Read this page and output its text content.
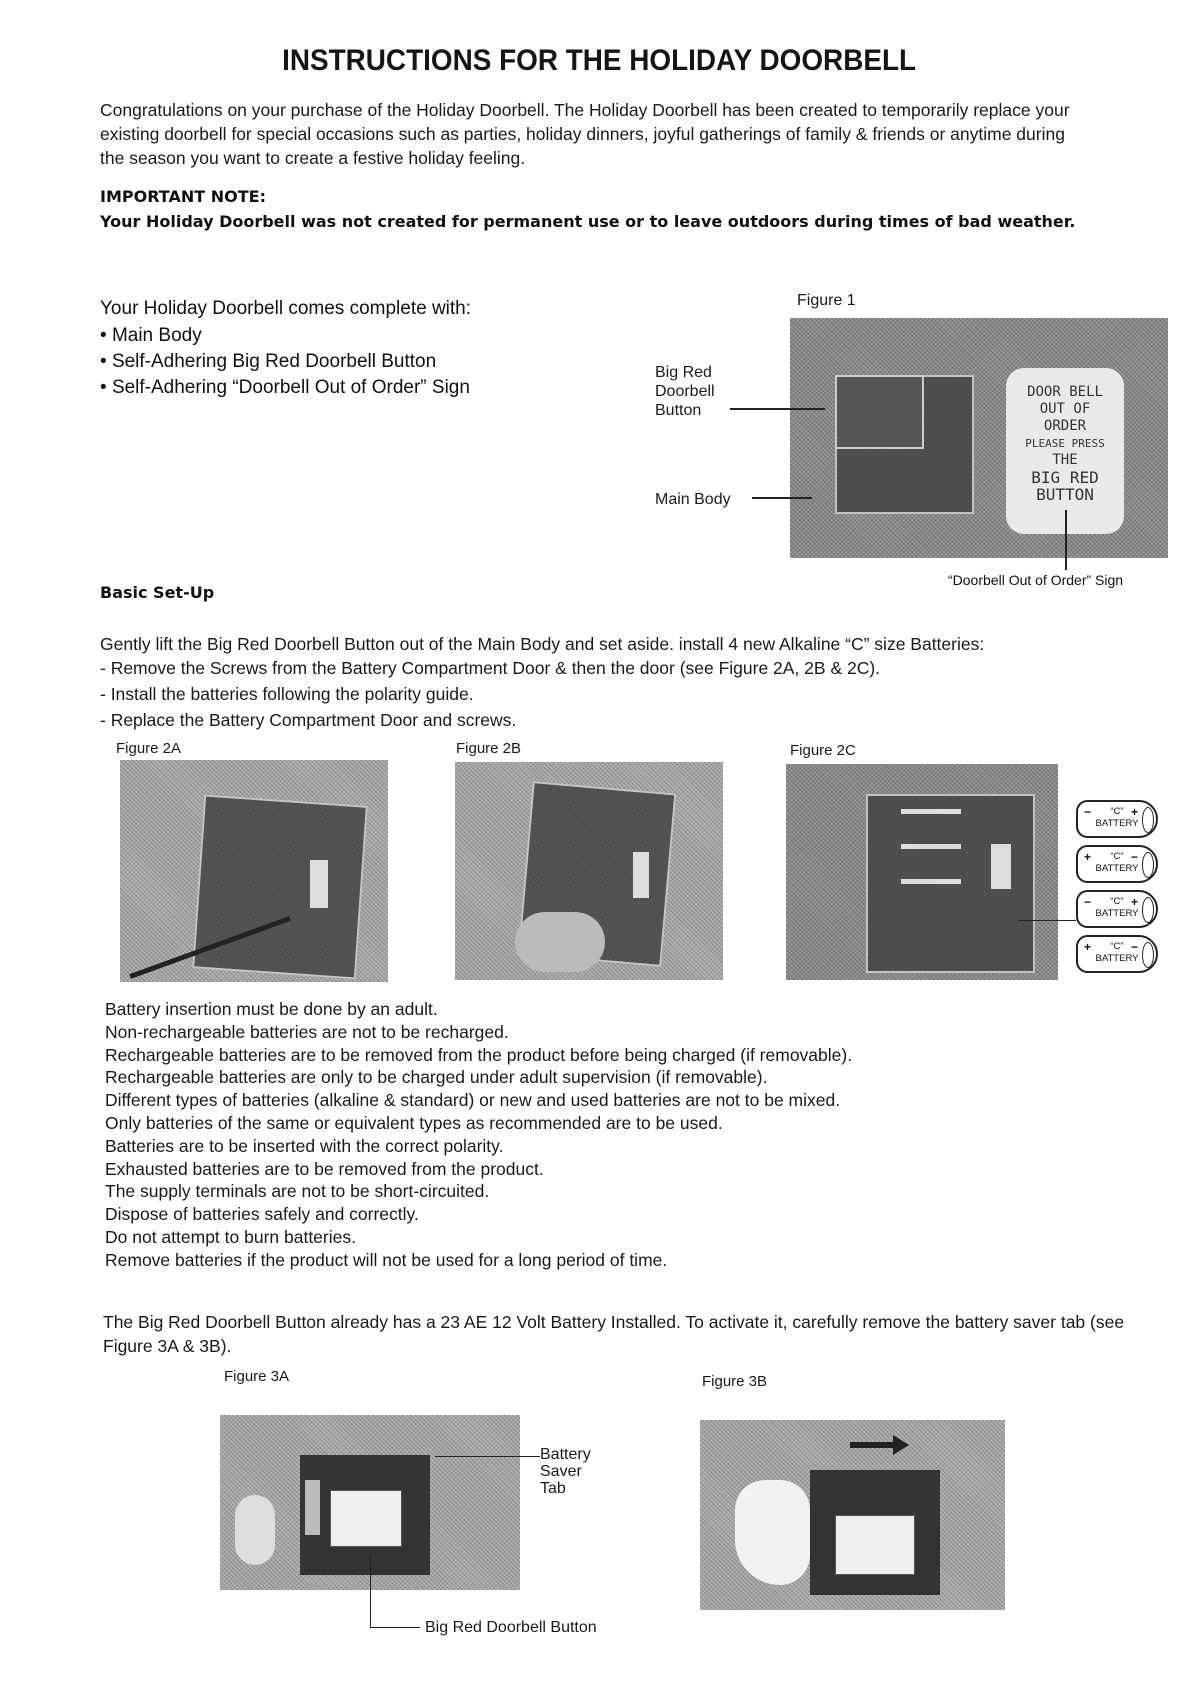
INSTRUCTIONS FOR THE HOLIDAY DOORBELL
Congratulations on your purchase of the Holiday Doorbell. The Holiday Doorbell has been created to temporarily replace your existing doorbell for special occasions such as parties, holiday dinners, joyful gatherings of family & friends or anytime during the season you want to create a festive holiday feeling.
IMPORTANT NOTE:
Your Holiday Doorbell was not created for permanent use or to leave outdoors during times of bad weather.
Your Holiday Doorbell comes complete with:
• Main Body
• Self-Adhering Big Red Doorbell Button
• Self-Adhering “Doorbell Out of Order” Sign
Figure 1
DOOR BELL
OUT OF
ORDER
PLEASE PRESS
THE
BIG RED
BUTTON
Big Red Doorbell Button
Main Body
“Doorbell Out of Order” Sign
Basic Set-Up
Gently lift the Big Red Doorbell Button out of the Main Body and set aside. install 4 new Alkaline “C” size Batteries:
- Remove the Screws from the Battery Compartment Door & then the door (see Figure 2A, 2B & 2C).
- Install the batteries following the polarity guide.
- Replace the Battery Compartment Door and screws.
Figure 2A	Figure 2B	Figure 2C
−	+
“C”
BATTERY
+	−
“C”
BATTERY
−	+
“C”
BATTERY
+	−
“C”
BATTERY
Battery insertion must be done by an adult.
Non-rechargeable batteries are not to be recharged.
Rechargeable batteries are to be removed from the product before being charged (if removable).
Rechargeable batteries are only to be charged under adult supervision (if removable).
Different types of batteries (alkaline & standard) or new and used batteries are not to be mixed.
Only batteries of the same or equivalent types as recommended are to be used.
Batteries are to be inserted with the correct polarity.
Exhausted batteries are to be removed from the product.
The supply terminals are not to be short-circuited.
Dispose of batteries safely and correctly.
Do not attempt to burn batteries.
Remove batteries if the product will not be used for a long period of time.
The Big Red Doorbell Button already has a 23 AE 12 Volt Battery Installed. To activate it, carefully remove the battery saver tab (see Figure 3A & 3B).
Figure 3A
Battery Saver Tab
Big Red Doorbell Button
Figure 3B
